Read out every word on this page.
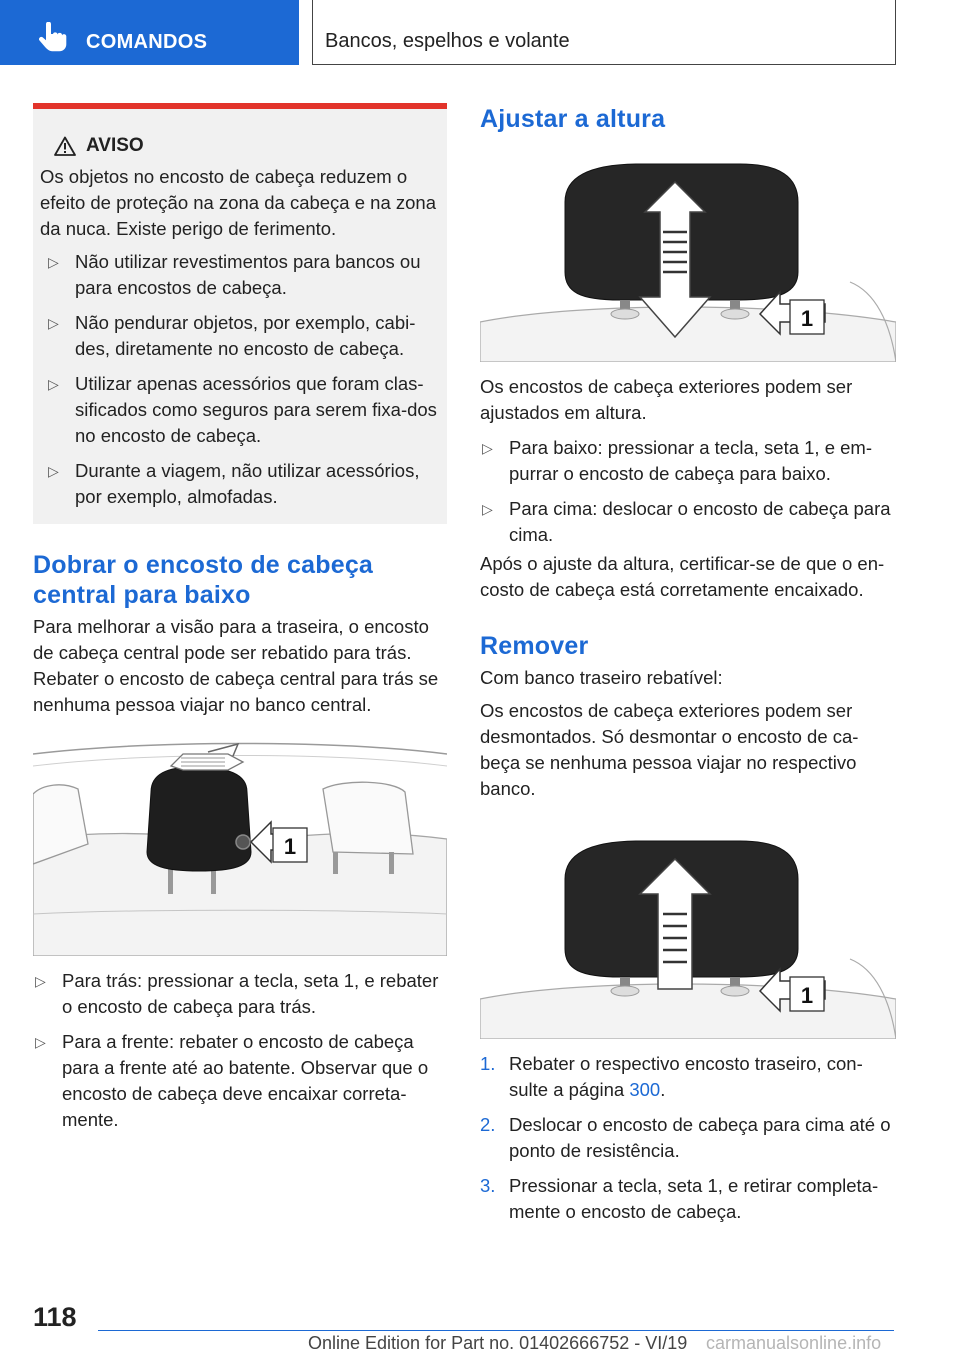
COMANDOS	Bancos, espelhos e volante
AVISO

Os objetos no encosto de cabeça reduzem o efeito de proteção na zona da cabeça e na zona da nuca. Existe perigo de ferimento.

▷ Não utilizar revestimentos para bancos ou para encostos de cabeça.
▷ Não pendurar objetos, por exemplo, cabi-des, diretamente no encosto de cabeça.
▷ Utilizar apenas acessórios que foram clas-sificados como seguros para serem fixa-dos no encosto de cabeça.
▷ Durante a viagem, não utilizar acessórios, por exemplo, almofadas.
Dobrar o encosto de cabeça central para baixo

Para melhorar a visão para a traseira, o encosto de cabeça central pode ser rebatido para trás.

Rebater o encosto de cabeça central para trás se nenhuma pessoa viajar no banco central.

1
▷ Para trás: pressionar a tecla, seta 1, e rebater o encosto de cabeça para trás.
▷ Para a frente: rebater o encosto de cabeça para a frente até ao batente. Observar que o encosto de cabeça deve encaixar correta-mente.
Ajustar a altura
1

Os encostos de cabeça exteriores podem ser ajustados em altura.

▷ Para baixo: pressionar a tecla, seta 1, e em-purrar o encosto de cabeça para baixo.
▷ Para cima: deslocar o encosto de cabeça para cima.

Após o ajuste da altura, certificar-se de que o en-costo de cabeça está corretamente encaixado.

Remover

Com banco traseiro rebatível:

Os encostos de cabeça exteriores podem ser desmontados. Só desmontar o encosto de ca-beça se nenhuma pessoa viajar no respectivo banco.

1
1. Rebater o respectivo encosto traseiro, con-sulte a página 300.
2. Deslocar o encosto de cabeça para cima até o ponto de resistência.
3. Pressionar a tecla, seta 1, e retirar completa-mente o encosto de cabeça.
118
Online Edition for Part no. 01402666752 - VI/19 carmanualsonline.info
